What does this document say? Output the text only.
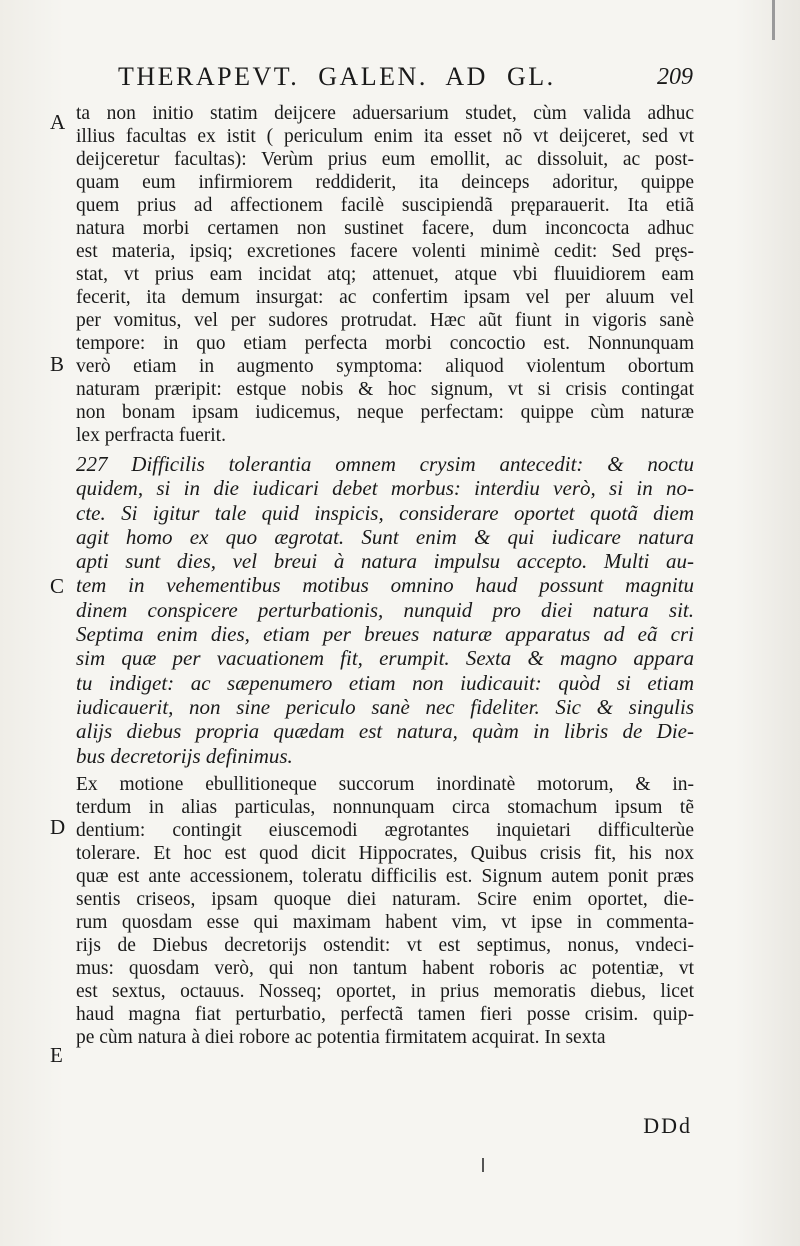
THERAPEVT. GALEN. AD GL.	209
A
B
C
D
E
ta non initio statim deijcere aduersarium studet, cùm valida adhuc
illius facultas ex istit ( periculum enim ita esset nõ vt deijceret, sed vt
deijceretur facultas): Verùm prius eum emollit, ac dissoluit, ac post-
quam eum infirmiorem reddiderit, ita deinceps adoritur, quippe
quem prius ad affectionem facilè suscipiendã pręparauerit. Ita etiã
natura morbi certamen non sustinet facere, dum inconcocta adhuc
est materia, ipsiq; excretiones facere volenti minimè cedit: Sed pręs-
stat, vt prius eam incidat atq; attenuet, atque vbi fluuidiorem eam
fecerit, ita demum insurgat: ac confertim ipsam vel per aluum vel
per vomitus, vel per sudores protrudat. Hæc aũt fiunt in vigoris sanè
tempore: in quo etiam perfecta morbi concoctio est. Nonnunquam
verò etiam in augmento symptoma: aliquod violentum obortum
naturam præripit: estque nobis & hoc signum, vt si crisis contingat
non bonam ipsam iudicemus, neque perfectam: quippe cùm naturæ
lex perfracta fuerit.
227 Difficilis tolerantia omnem crysim antecedit: & noctu
quidem, si in die iudicari debet morbus: interdiu verò, si in no-
cte. Si igitur tale quid inspicis, considerare oportet quotã diem
agit homo ex quo ægrotat. Sunt enim & qui iudicare natura
apti sunt dies, vel breui à natura impulsu accepto. Multi au-
tem in vehementibus motibus omnino haud possunt magnitu
dinem conspicere perturbationis, nunquid pro diei natura sit.
Septima enim dies, etiam per breues naturæ apparatus ad eã cri
sim quæ per vacuationem fit, erumpit. Sexta & magno appara
tu indiget: ac sæpenumero etiam non iudicauit: quòd si etiam
iudicauerit, non sine periculo sanè nec fideliter. Sic & singulis
alijs diebus propria quædam est natura, quàm in libris de Die-
bus decretorijs definimus.
Ex motione ebullitioneque succorum inordinatè motorum, & in-
terdum in alias particulas, nonnunquam circa stomachum ipsum tẽ
dentium: contingit eiuscemodi ægrotantes inquietari difficulterùe
tolerare. Et hoc est quod dicit Hippocrates, Quibus crisis fit, his nox
quæ est ante accessionem, toleratu difficilis est. Signum autem ponit præs
sentis criseos, ipsam quoque diei naturam. Scire enim oportet, die-
rum quosdam esse qui maximam habent vim, vt ipse in commenta-
rijs de Diebus decretorijs ostendit: vt est septimus, nonus, vndeci-
mus: quosdam verò, qui non tantum habent roboris ac potentiæ, vt
est sextus, octauus. Nosseq; oportet, in prius memoratis diebus, licet
haud magna fiat perturbatio, perfectã tamen fieri posse crisim. quip-
pe cùm natura à diei robore ac potentia firmitatem acquirat. In sexta
DDd
